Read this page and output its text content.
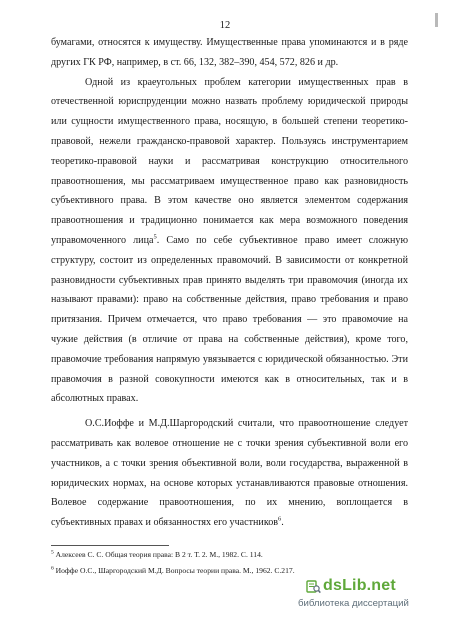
12

бумагами, относятся к имуществу. Имущественные права упоминаются и в ряде других ГК РФ, например, в ст. 66, 132, 382–390, 454, 572, 826 и др.

Одной из краеугольных проблем категории имущественных прав в отечественной юриспруденции можно назвать проблему юридической природы или сущности имущественного права, носящую, в большей степени теоретико-правовой, нежели гражданско-правовой характер. Пользуясь инструментарием теоретико-правовой науки и рассматривая конструкцию относительного правоотношения, мы рассматриваем имущественное право как разновидность субъективного права. В этом качестве оно является элементом содержания правоотношения и традиционно понимается как мера возможного поведения управомоченного лица$^5$. Само по себе субъективное право имеет сложную структуру, состоит из определенных правомочий. В зависимости от конкретной разновидности субъективных прав принято выделять три правомочия (иногда их называют правами): право на собственные действия, право требования и право притязания. Причем отмечается, что право требования — это правомочие на чужие действия (в отличие от права на собственные действия), кроме того, правомочие требования напрямую увязывается с юридической обязанностью. Эти правомочия в разной совокупности имеются как в относительных, так и в абсолютных правах.

О.С.Иоффе и М.Д.Шаргородский считали, что правоотношение следует рассматривать как волевое отношение не с точки зрения субъективной воли его участников, а с точки зрения объективной воли, воли государства, выраженной в юридических нормах, на основе которых устанавливаются правовые отношения. Волевое содержание правоотношения, по их мнению, воплощается в субъективных правах и обязанностях его участников$^6$.

$^5$ Алексеев С. С. Общая теория права: В 2 т. Т. 2. М., 1982. С. 114.

$^6$ Иоффе О.С., Шаргородский М.Д. Вопросы теории права. М., 1962. С.217.

dsLib.net
библиотека диссертаций
